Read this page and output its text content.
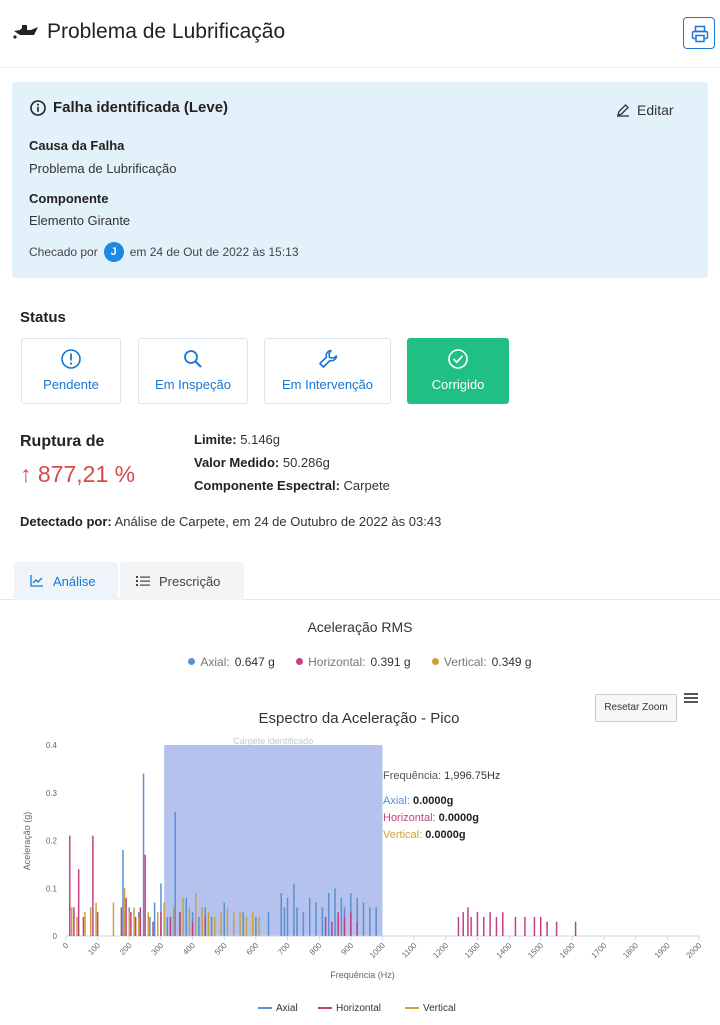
Problema de Lubrificação
Falha identificada (Leve)	Editar
Causa da Falha
Problema de Lubrificação
Componente
Elemento Girante
Checado por	J	em 24 de Out de 2022 às 15:13
Status
Pendente	Em Inspeção	Em Intervenção	Corrigido
Ruptura de
↑ 877,21 %
Limite: 5.146g
Valor Medido: 50.286g
Componente Espectral: Carpete
Detectado por: Análise de Carpete, em 24 de Outubro de 2022 às 03:43
Análise	Prescrição
Aceleração RMS
Axial: 0.647 g
	Horizontal: 0.391 g
	Vertical: 0.349 g
Espectro da Aceleração - Pico
Carpete identificado
0
0.1
0.2
0.3
0.4
0 100 200 300 400 500 600 700 800 900 1000 1100 1200 1300 1400 1500 1600 1700 1800 1900 2000
Frequência (Hz)
Aceleração (g)
Frequência: 1,996.75Hz
Axial: 0.0000g
Horizontal: 0.0000g
Vertical: 0.0000g
Axial	Horizontal	Vertical
Resetar Zoom
